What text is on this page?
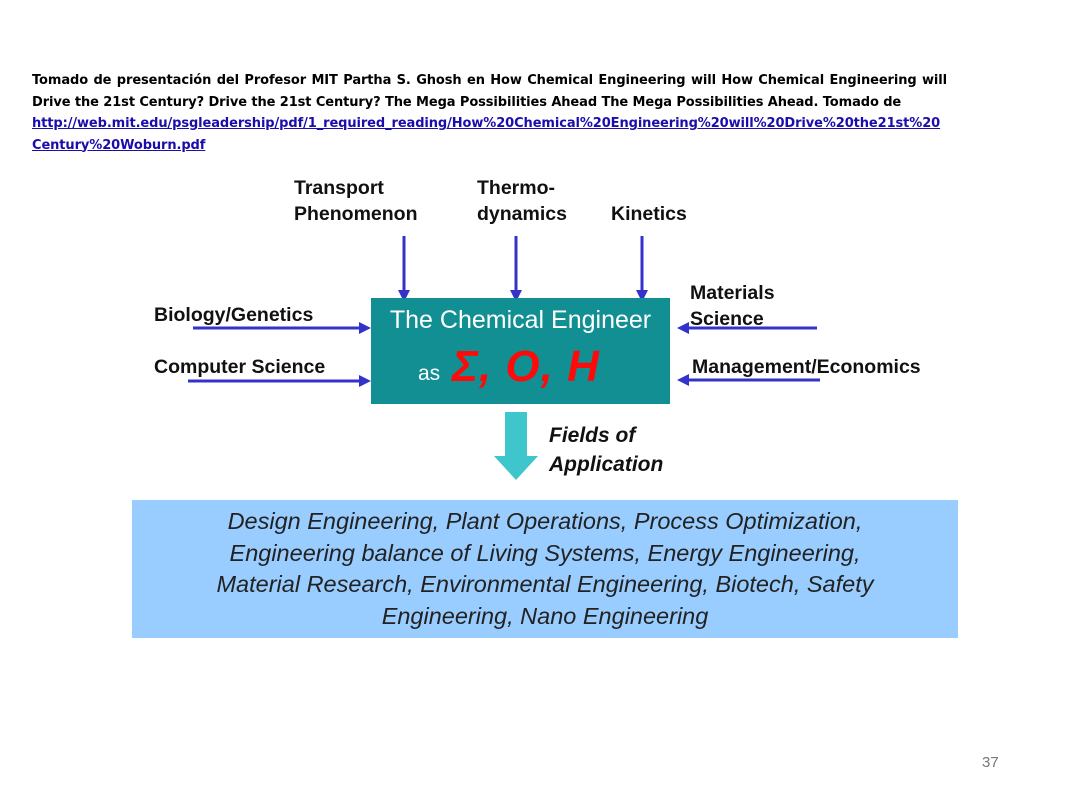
Tomado de presentación del Profesor MIT Partha S. Ghosh en How Chemical Engineering will How Chemical Engineering will Drive the 21st Century? Drive the 21st Century? The Mega Possibilities Ahead The Mega Possibilities Ahead. Tomado de
http://web.mit.edu/psgleadership/pdf/1_required_reading/How%20Chemical%20Engineering%20will%20Drive%20the21st%20Century%20Woburn.pdf
Transport
Phenomenon
Thermo-
dynamics Kinetics
Biology/Genetics
Computer Science
Materials
Science
Management/Economics
The Chemical Engineer
as Σ, O, H
Fields of
Application
Design Engineering, Plant Operations, Process Optimization,
Engineering balance of Living Systems, Energy Engineering,
Material Research, Environmental Engineering, Biotech, Safety
Engineering, Nano Engineering
37
